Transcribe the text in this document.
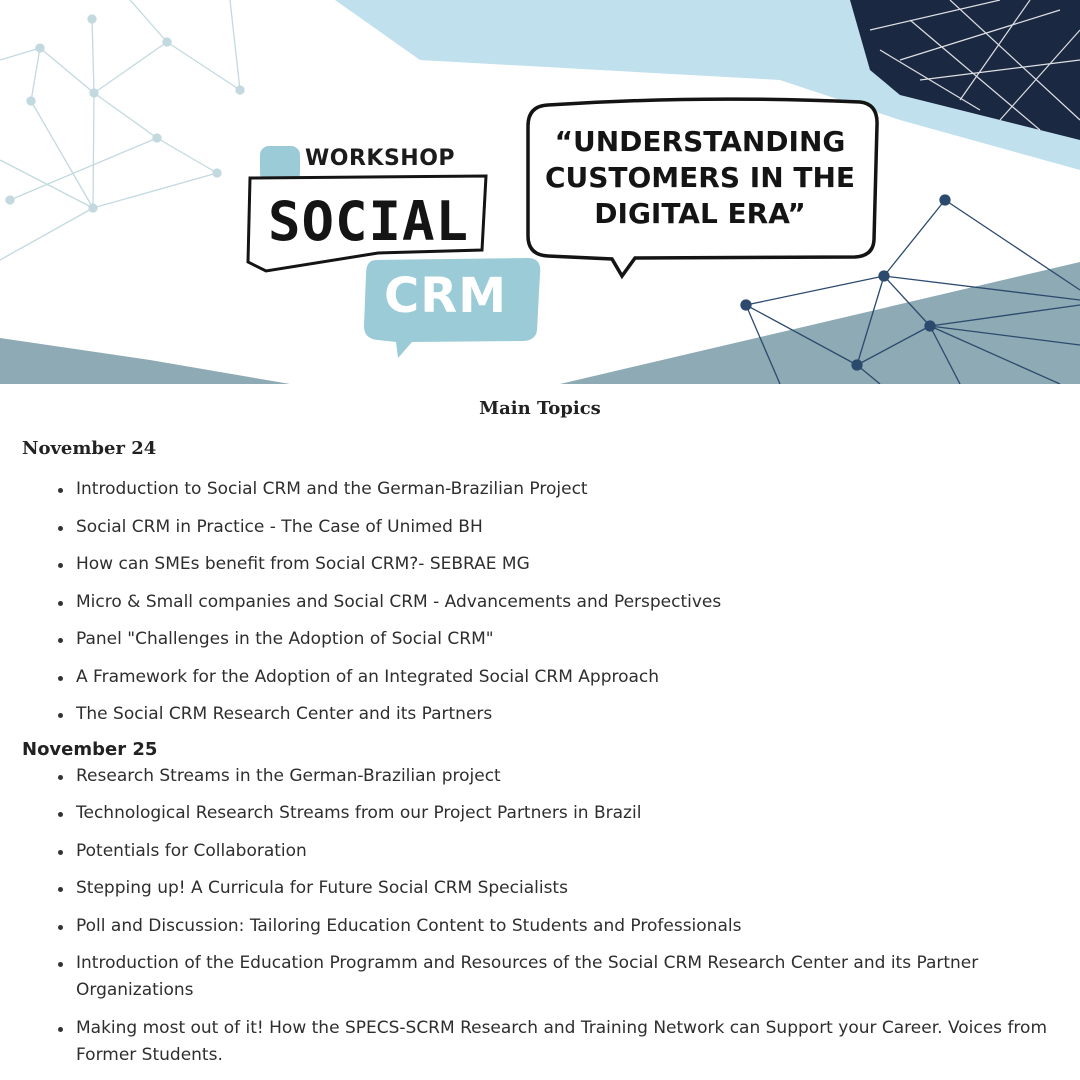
WORKSHOP
SOCIAL
CRM
“UNDERSTANDING
CUSTOMERS IN THE
DIGITAL ERA”
Main Topics
November 24
Introduction to Social CRM and the German-Brazilian Project
Social CRM in Practice - The Case of Unimed BH
How can SMEs benefit from Social CRM?- SEBRAE MG
Micro & Small companies and Social CRM - Advancements and Perspectives
Panel "Challenges in the Adoption of Social CRM"
A Framework for the Adoption of an Integrated Social CRM Approach
The Social CRM Research Center and its Partners
November 25
Research Streams in the German-Brazilian project
Technological Research Streams from our Project Partners in Brazil
Potentials for Collaboration
Stepping up! A Curricula for Future Social CRM Specialists
Poll and Discussion: Tailoring Education Content to Students and Professionals
Introduction of the Education Programm and Resources of the Social CRM Research Center and its Partner Organizations
Making most out of it! How the SPECS-SCRM Research and Training Network can Support your Career. Voices from Former Students.
